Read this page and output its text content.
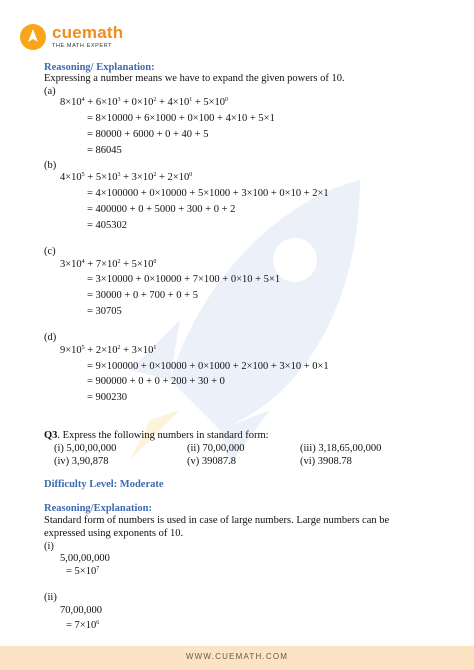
cuemath
THE MATH EXPERT
Reasoning/ Explanation:
Expressing a number means we have to expand the given powers of 10.
(a)
$8\times 10^4 + 6\times 10^3 + 0\times 10^2 + 4\times 10^1 + 5\times 10^0$
= 8×10000 + 6×1000 + 0×100 + 4×10 + 5×1
= 80000 + 6000 + 0 + 40 + 5
= 86045
(b)
$4\times 10^5 + 5\times 10^3 + 3\times 10^2 + 2\times 10^0$
= 4×100000 + 0×10000 + 5×1000 + 3×100 + 0×10 + 2×1
= 400000 + 0 + 5000 + 300 + 0 + 2
= 405302
(c)
$3\times 10^4 + 7\times 10^2 + 5\times 10^0$
= 3×10000 + 0×10000 + 7×100 + 0×10 + 5×1
= 30000 + 0 + 700 + 0 + 5
= 30705
(d)
$9\times 10^5 + 2\times 10^2 + 3\times 10^1$
= 9×100000 + 0×10000 + 0×1000 + 2×100 + 3×10 + 0×1
= 900000 + 0 + 0 + 200 + 30 + 0
= 900230
Q3. Express the following numbers in standard form:
(i) 5,00,00,000	(ii) 70,00,000	(iii) 3,18,65,00,000
(iv) 3,90,878	(v) 39087.8	(vi) 3908.78
Difficulty Level: Moderate
Reasoning/Explanation:
Standard form of numbers is used in case of large numbers. Large numbers can be
expressed using exponents of 10.
(i)
5,00,00,000
= $5\times 10^7$
(ii)
70,00,000
= $7\times 10^6$
WWW.CUEMATH.COM
